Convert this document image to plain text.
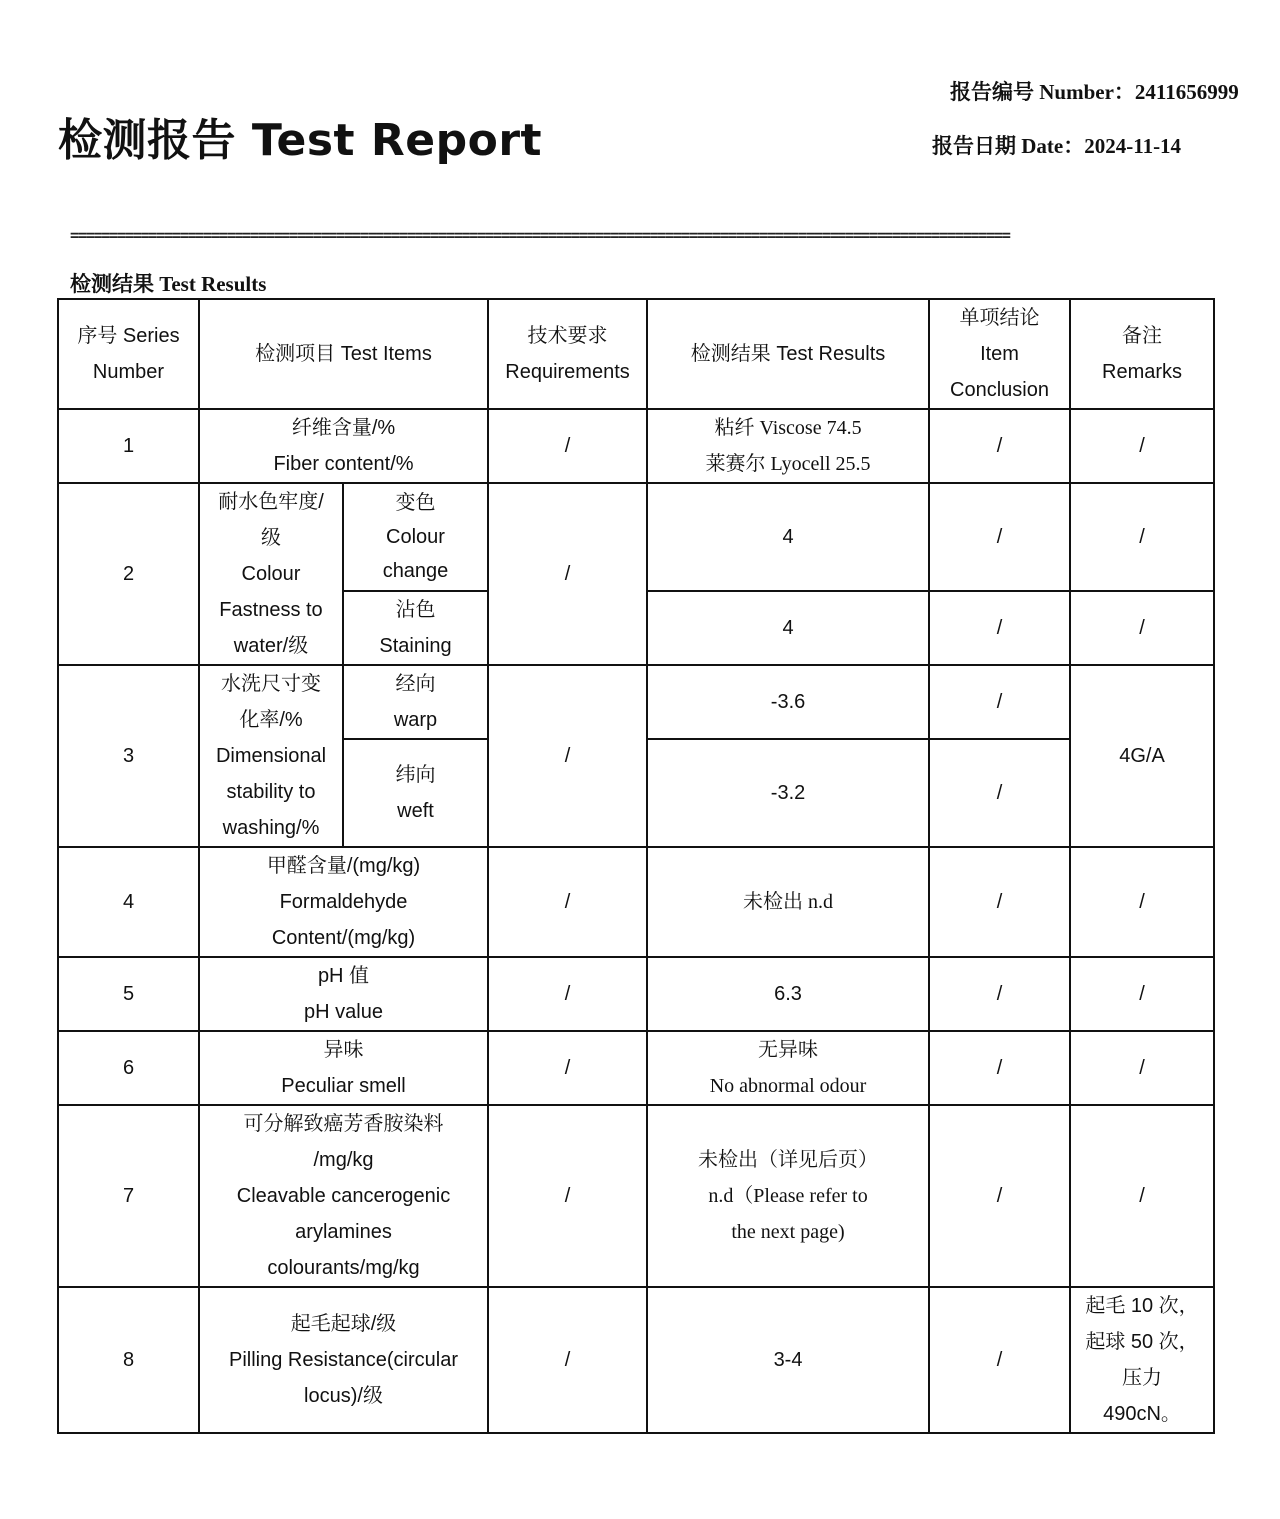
检测报告 Test Report
报告编号 Number：2411656999
报告日期 Date：2024-11-14
========================================================================================================================
检测结果 Test Results
序号 Series
Number	检测项目 Test Items		技术要求
Requirements	检测结果 Test Results	单项结论
Item
Conclusion	备注
Remarks

1	纤维含量/%
Fiber content/%		/	粘纤 Viscose 74.5
莱赛尔 Lyocell 25.5	/	/
2	耐水色牢度/
级
Colour
Fastness to
water/级	变色
Colour
change	/	4	/	/

		沾色
Staining		4	/	/
3	水洗尺寸变
化率/%
Dimensional
stability to
washing/%	经向
warp	/	-3.6	/	4G/A

		纬向
weft		-3.2	/	
4	甲醛含量/(mg/kg)
Formaldehyde
Content/(mg/kg)		/	未检出 n.d	/	/
5	pH 值
pH value		/	6.3	/	/
6	异味
Peculiar smell		/	无异味
No abnormal odour	/	/
7	可分解致癌芳香胺染料
/mg/kg
Cleavable cancerogenic
arylamines
colourants/mg/kg		/	未检出（详见后页）
n.d（Please refer to
the next page)	/	/
8	起毛起球/级
Pilling Resistance(circular
locus)/级		/	3-4	/	起毛 10 次，
起球 50 次，
压力
490cN。
